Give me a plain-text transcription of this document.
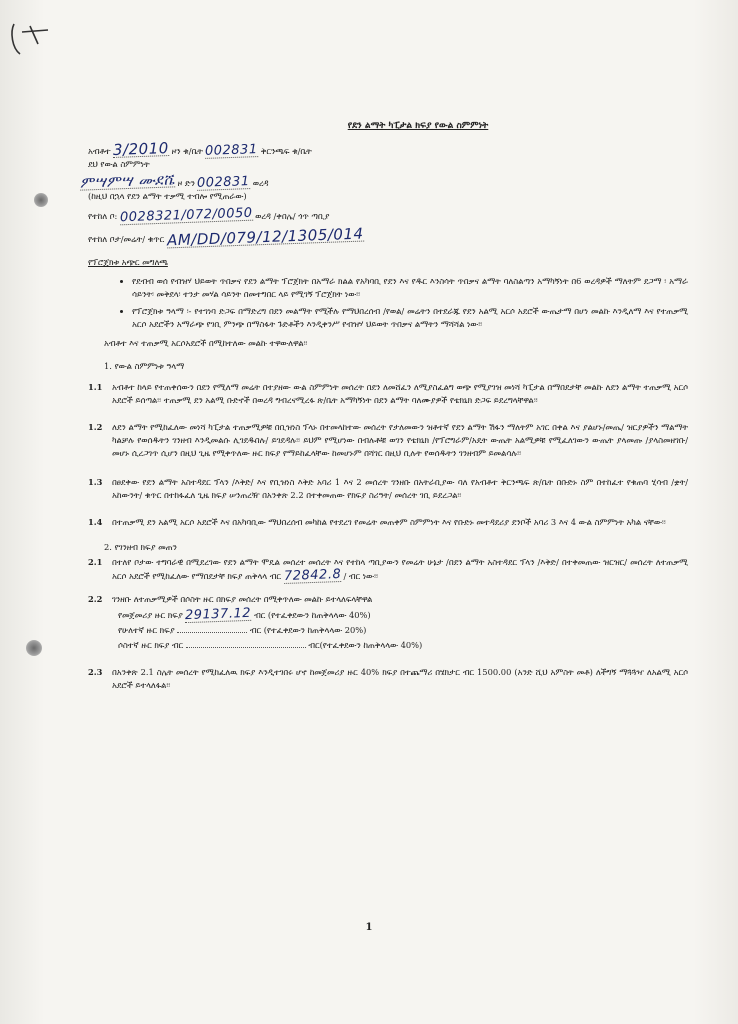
የደን ልማት ካፒታል ክፍያ የውል ስምምነት
አብቶተ 3/2010 ዞን ቁ/ቤት 002831 ቅርንጫፍ ቁ/ቤት
ደህ የውል ስምምነት
ምሣምሣ ሙደሼ ዞ ድን 002831 ወረዳ
(ከዚህ በኋላ የደን ልማት ተቃሚ ተብሎ የሚጠራው)
የተከለ ቦ: 0028321/072/0050 ወረዳ /ቀበሌ/ ጎጥ ጣቢያ
የተከለ ቦታ/መሬት/ ቁጥር AM/DD/079/12/1305/014
የፕሮጀክቱ አጭር መግለጫ
• የደብብ ወሰ የብዝሃ ህይወት ጥበቃና የደን ልማት ፕሮጀክት በአማራ ክልል የአካባቢ የደን እና የዱር እንስሳት ጥበቃና ልማት ባለስልጣን አማካኝነት በ6 ወረዳዎች ማለትም ደጋማ ፡ አማራ ሳይንት፡ መቅደላ፡ ተንታ መሃል ሳይንት በመተግበር ላይ የሚገኝ ፕሮጀክት ነው፡፡
• የፕሮጀክቱ ዓላማ ፡- የተገነባ ድጋፍ በማድረግ በደን መልማት የሚችሉ የማህበረሰብ /የወል/ መሬትን በተደራጁ የደን አልሚ አርሶ አደሮች ውጤታማ በሆነ መልኩ እንዲለማ እና የተጠቃሚ አርሶ አደሮችን አማራጭ የገቢ ምንጭ በማስፋት ጉድቶችን እንዲቀንሥ የብዝሃ ህይወት ጥበቃና ልማትን ማሻሻል ነው፡፡
አብቶተ እና ተጠቃሚ አርሶአደሮች በሚከተለው መልኩ ተዋውለዋል፡፡
1. የውል ስምምነቱ ዓላማ
1.1	አብቶተ ከላይ የተጠቀሰውን በደን የሚለማ መሬት በተያዘው ውል ስምምነት መሰረት በደን ለመሸፈን ለሚያስፈልግ ወጭ የሚያገዝ መነሻ ካፒታል በማበደታቸ መልኩ ለደን ልማት ተጠቃሚ አርሶ አደሮች ይሰጣል፡፡ ተጠቃሚ ደን አልሚ ቡድኖች በወረዳ ግብረናሚረፋ ጽ/ቤት አማካኝነት በደን ልማት ባለሙያዎች የቴክኒክ ድጋፍ ይደረግላቸዋል፡፡
1.2	ለደን ልማት የሚከፈለው መነሻ ካፒታል ተጠቃሚዎቹ በቢዝነስ ፕላኑ በተመላከተው መሰረት የታለመውን ዝቶተኛ የደን ልማት ሽፋን ማለትም አገር በቀል እና ያልሆኑ/መጤ/ ዝርያዎችን ማልማት ካልቻሉ የወሰዱትን ገንዘብ እንዲመልሱ ሊገደዱበሉ/ ይገደዳሉ፡፡ ይህም የሚሆነው በብሉቶቹ ወገን የቴክኒክ /የፕሮግራም/አዴት ውጤት አልሚዎቹ የሚፈለገውን ውጤት ያላመጡ /ያላስመዘገቡ/ መሆኑ ሲረጋገጥ ሲሆን በዚህ ጊዜ የሚቀጥለው ዙር ክፍያ የማይከፈላቸው ከመሆኑም በሻገር በዚህ ቢሉት የወሰዱትን ገንዘብም ይመልሳሉ፡፡
1.3	በፀደቀው የደን ልማት አስተዳደር ፕላን /እቅድ/ እና የቢዝነስ እቅድ አባሪ 1 እና 2 መሰረት ገንዘቡ በአትራቢያው ባለ የአብቶተ ቅርንጫፍ ጽ/ቤት በቡድኑ ስም በተከፈተ የቁጠባ ሂሳብ /ቋት/ አከውንት/ ቁጥር በተከፋፈለ ጊዜ ክፍያ ሠንጠረዥ በአንቀጽ 2.2 በተቀመጠው የክፍያ ስሪዓት/ መሰረት ገቢ ይደረጋል፡፡
1.4	በተጠቃሚ ደን አልሚ አርሶ አደሮች እና በአካባቢው ማህበረሰብ መካከል የተደረገ የመሬት መጠቀም ስምምነት እና የቡድኑ መተዳደሪያ ደንቦች አባሪ 3 እና 4 ውል ስምምነት አካል ናቸው፡፡
2. የገንዘብ ክፍያ መጠን
2.1	በተለየ ቦታው ተግባራዊ በሚደረገው የደን ልማት ሞዴል መሰረተ መሰረት እና የተከላ ጣቢያውን የመሬት ሁኔታ /በደን ልማት አስተዳደር ፕላን /እቅድ/ በተቀመጠው ዝርዝር/ መሰረት ለተጠቃሚ አርሶ አደሮች የሚከፈለው የማበደታቸ ክፍያ ጠቅላላ ብር 72842.8 / ብር ነው፡፡
2.2	ገንዘቡ ለተጠቃሚዎች በሶስት ዙር በክፍያ መሰረት በሚቀጥለው መልኩ ይተላለፍላቸዋል
የመጀመሪያ ዙር ክፍያ 29137.12 ብር (የተፈቀደውን ከጠቅላላው 40%)
የሁለተኛ ዙር ክፍያ	ብር (የተፈቀደውን ከጠቅላላው 20%)
ሶስተኛ ዙር ክፍያ ብር	ብር(የተፈቀደውን ከጠቅላላው 40%)
2.3	በአንቀጽ 2.1 ስሌት መሰረት የሚከፈለዉ ክፍያ እንዲተገበሩ ሆኖ ከመጀመሪያ ዙር 40% ክፍያ በተጨማሪ በሄክታር ብር 1500.00 (አንድ ሺህ አምስት መቶ) ለችግኝ ማጓጓዣ ለአልሚ አርሶ አደሮች ይተላለፋል፡፡
1
